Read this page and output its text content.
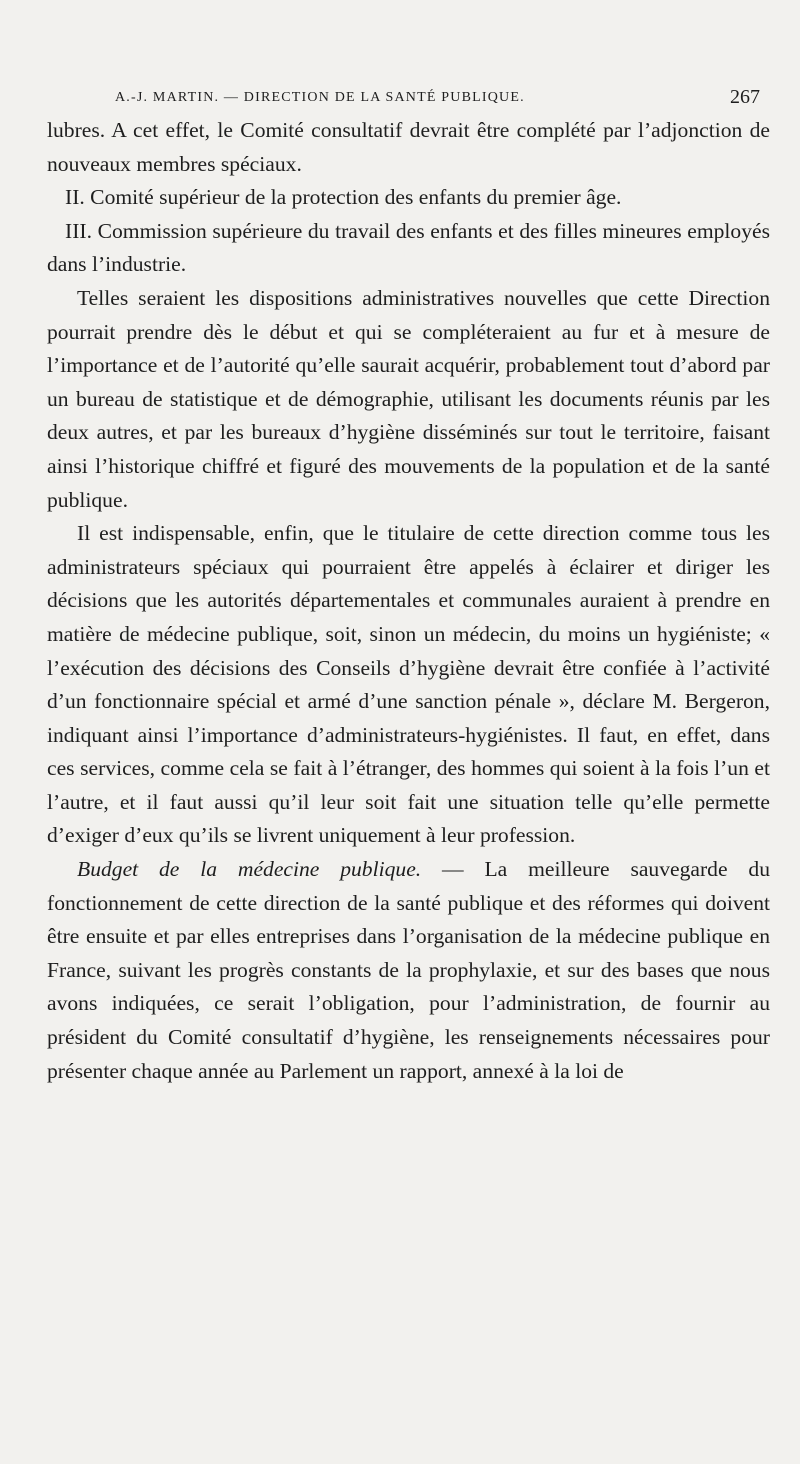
A.-J. MARTIN. — DIRECTION DE LA SANTÉ PUBLIQUE.	267

lubres. A cet effet, le Comité consultatif devrait être complété par l’adjonction de nouveaux membres spéciaux.

II. Comité supérieur de la protection des enfants du premier âge.

III. Commission supérieure du travail des enfants et des filles mineures employés dans l’industrie.

Telles seraient les dispositions administratives nouvelles que cette Direction pourrait prendre dès le début et qui se compléteraient au fur et à mesure de l’importance et de l’autorité qu’elle saurait acquérir, probablement tout d’abord par un bureau de statistique et de démographie, utilisant les documents réunis par les deux autres, et par les bureaux d’hygiène disséminés sur tout le territoire, faisant ainsi l’historique chiffré et figuré des mouvements de la population et de la santé publique.

Il est indispensable, enfin, que le titulaire de cette direction comme tous les administrateurs spéciaux qui pourraient être appelés à éclairer et diriger les décisions que les autorités départementales et communales auraient à prendre en matière de médecine publique, soit, sinon un médecin, du moins un hygiéniste; « l’exécution des décisions des Conseils d’hygiène devrait être confiée à l’activité d’un fonctionnaire spécial et armé d’une sanction pénale », déclare M. Bergeron, indiquant ainsi l’importance d’administrateurs-hygiénistes. Il faut, en effet, dans ces services, comme cela se fait à l’étranger, des hommes qui soient à la fois l’un et l’autre, et il faut aussi qu’il leur soit fait une situation telle qu’elle permette d’exiger d’eux qu’ils se livrent uniquement à leur profession.

Budget de la médecine publique. — La meilleure sauvegarde du fonctionnement de cette direction de la santé publique et des réformes qui doivent être ensuite et par elles entreprises dans l’organisation de la médecine publique en France, suivant les progrès constants de la prophylaxie, et sur des bases que nous avons indiquées, ce serait l’obligation, pour l’administration, de fournir au président du Comité consultatif d’hygiène, les renseignements nécessaires pour présenter chaque année au Parlement un rapport, annexé à la loi de
